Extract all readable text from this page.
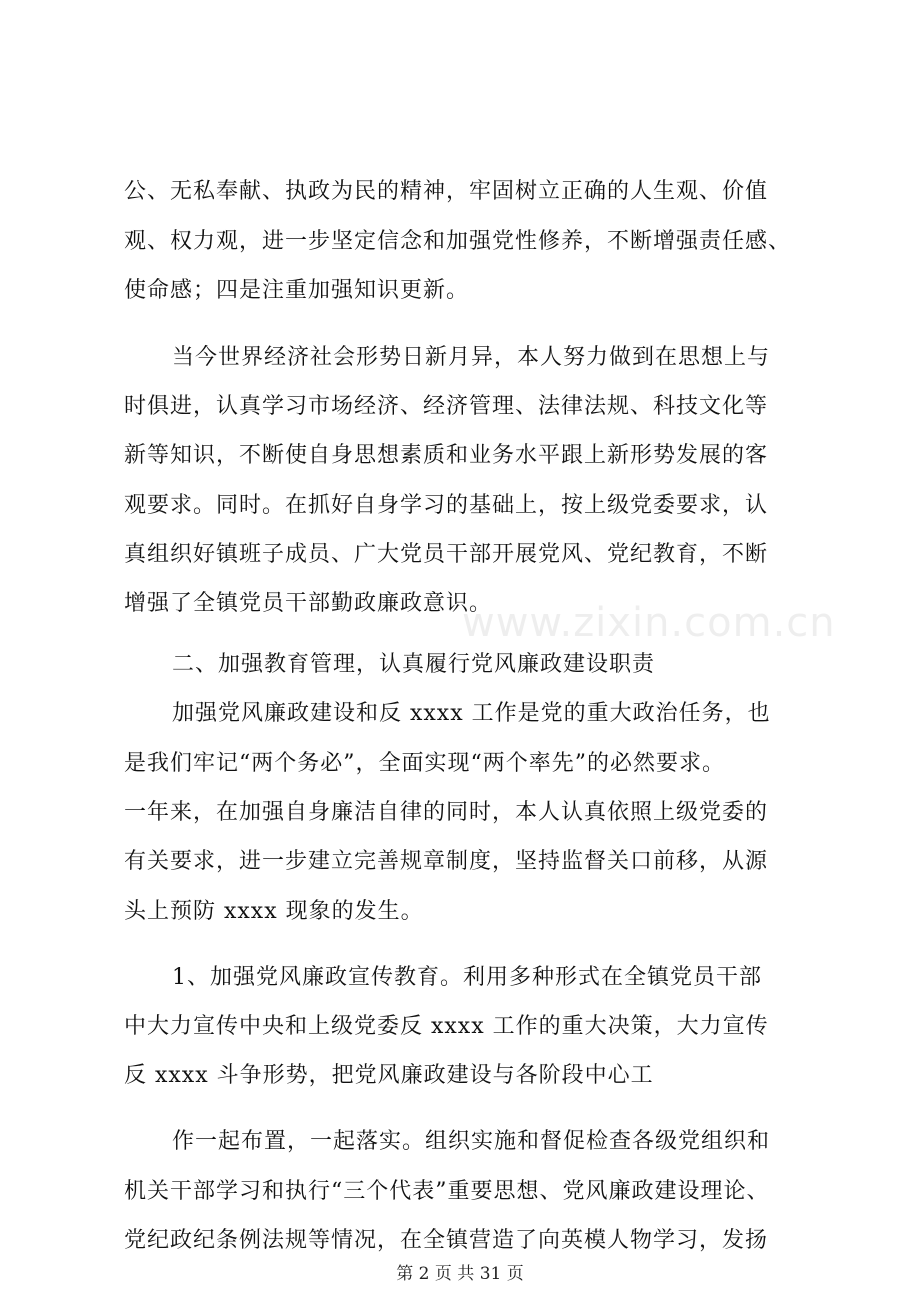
公、无私奉献、执政为民的精神，牢固树立正确的人生观、价值
观、权力观，进一步坚定信念和加强党性修养，不断增强责任感、
使命感；四是注重加强知识更新。
当今世界经济社会形势日新月异，本人努力做到在思想上与
时俱进，认真学习市场经济、经济管理、法律法规、科技文化等
新等知识，不断使自身思想素质和业务水平跟上新形势发展的客
观要求。同时。在抓好自身学习的基础上，按上级党委要求，认
真组织好镇班子成员、广大党员干部开展党风、党纪教育，不断
增强了全镇党员干部勤政廉政意识。
二、加强教育管理，认真履行党风廉政建设职责
加强党风廉政建设和反 xxxx 工作是党的重大政治任务，也
是我们牢记“两个务必”，全面实现“两个率先”的必然要求。
一年来，在加强自身廉洁自律的同时，本人认真依照上级党委的
有关要求，进一步建立完善规章制度，坚持监督关口前移，从源
头上预防 xxxx 现象的发生。
1、加强党风廉政宣传教育。利用多种形式在全镇党员干部
中大力宣传中央和上级党委反 xxxx 工作的重大决策，大力宣传
反 xxxx 斗争形势，把党风廉政建设与各阶段中心工
作一起布置，一起落实。组织实施和督促检查各级党组织和
机关干部学习和执行“三个代表”重要思想、党风廉政建设理论、
党纪政纪条例法规等情况，在全镇营造了向英模人物学习，发扬
www.zixin.com.cn
第 2 页 共 31 页
